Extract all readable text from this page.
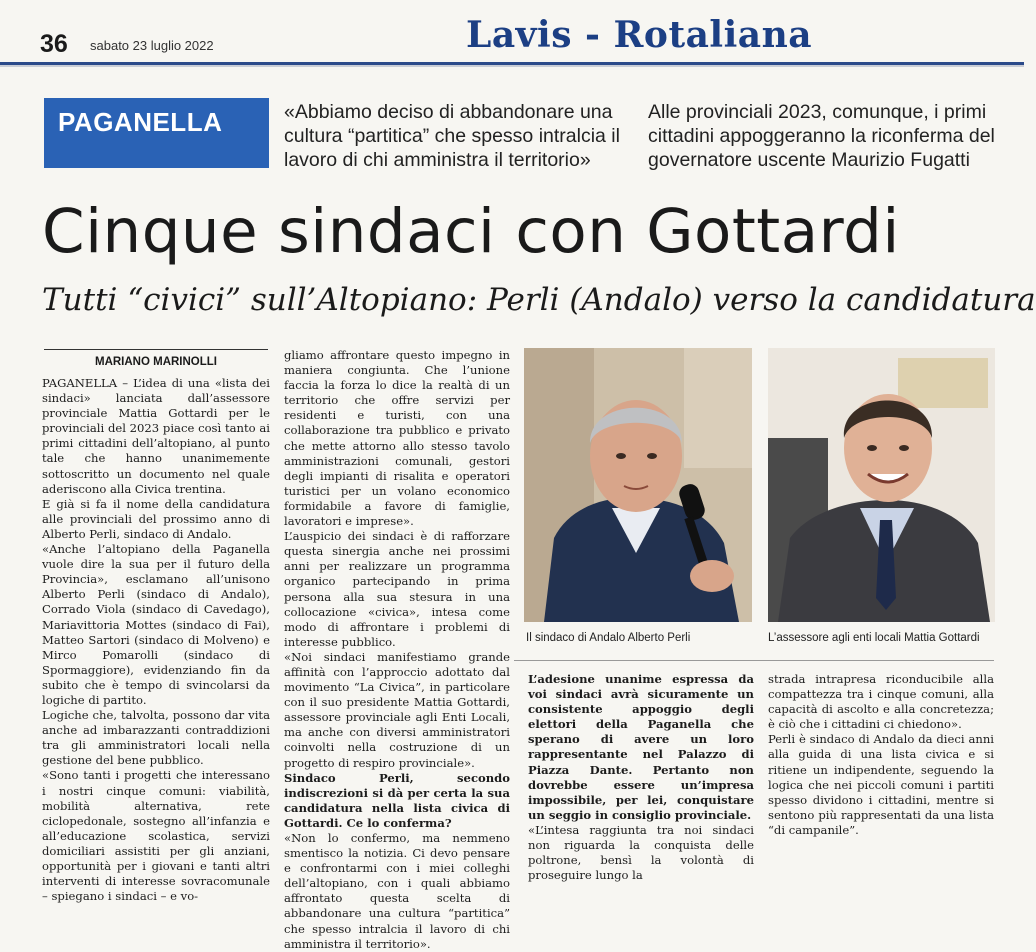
36 sabato 23 luglio 2022	Lavis - Rotaliana
PAGANELLA	«Abbiamo deciso di abbandonare una cultura “partitica” che spesso intralcia il lavoro di chi amministra il territorio»
Alle provinciali 2023, comunque, i primi cittadini appoggeranno la riconferma del governatore uscente Maurizio Fugatti
Cinque sindaci con Gottardi
Tutti “civici” sull’Altopiano: Perli (Andalo) verso la candidatura
MARIANO MARINOLLI

PAGANELLA – L’idea di una «lista dei sindaci» lanciata dall’assessore provinciale Mattia Gottardi per le provinciali del 2023 piace così tanto ai primi cittadini dell’altopiano, al punto tale che hanno unanimemente sottoscritto un documento nel quale aderiscono alla Civica trentina.

E già si fa il nome della candidatura alle provinciali del prossimo anno di Alberto Perli, sindaco di Andalo.

«Anche l’altopiano della Paganella vuole dire la sua per il futuro della Provincia», esclamano all’unisono Alberto Perli (sindaco di Andalo), Corrado Viola (sindaco di Cavedago), Mariavittoria Mottes (sindaco di Fai), Matteo Sartori (sindaco di Molveno) e Mirco Pomarolli (sindaco di Spormaggiore), evidenziando fin da subito che è tempo di svincolarsi da logiche di partito.

Logiche che, talvolta, possono dar vita anche ad imbarazzanti contraddizioni tra gli amministratori locali nella gestione del bene pubblico.

«Sono tanti i progetti che interessano i nostri cinque comuni: viabilità, mobilità alternativa, rete ciclopedonale, sostegno all’infanzia e all’educazione scolastica, servizi domiciliari assistiti per gli anziani, opportunità per i giovani e tanti altri interventi di interesse sovracomunale – spiegano i sindaci – e vo-

gliamo affrontare questo impegno in maniera congiunta. Che l’unione faccia la forza lo dice la realtà di un territorio che offre servizi per residenti e turisti, con una collaborazione tra pubblico e privato che mette attorno allo stesso tavolo amministrazioni comunali, gestori degli impianti di risalita e operatori turistici per un volano economico formidabile a favore di famiglie, lavoratori e imprese».

L’auspicio dei sindaci è di rafforzare questa sinergia anche nei prossimi anni per realizzare un programma organico partecipando in prima persona alla sua stesura in una collocazione «civica», intesa come modo di affrontare i problemi di interesse pubblico.

«Noi sindaci manifestiamo grande affinità con l’approccio adottato dal movimento “La Civica”, in particolare con il suo presidente Mattia Gottardi, assessore provinciale agli Enti Locali, ma anche con diversi amministratori coinvolti nella costruzione di un progetto di respiro provinciale».

Sindaco Perli, secondo indiscrezioni si dà per certa la sua candidatura nella lista civica di Gottardi. Ce lo conferma?

«Non lo confermo, ma nemmeno smentisco la notizia. Ci devo pensare e confrontarmi con i miei colleghi dell’altopiano, con i quali abbiamo affrontato questa scelta di abbandonare una cultura “partitica” che spesso intralcia il lavoro di chi amministra il territorio».

Il sindaco di Andalo Alberto Perli	L’assessore agli enti locali Mattia Gottardi

L’adesione unanime espressa da voi sindaci avrà sicuramente un consistente appoggio degli elettori della Paganella che sperano di avere un loro rappresentante nel Palazzo di Piazza Dante. Pertanto non dovrebbe essere un’impresa impossibile, per lei, conquistare un seggio in consiglio provinciale.

«L’intesa raggiunta tra noi sindaci non riguarda la conquista delle poltrone, bensì la volontà di proseguire lungo la

strada intrapresa riconducibile alla compattezza tra i cinque comuni, alla capacità di ascolto e alla concretezza; è ciò che i cittadini ci chiedono».

Perli è sindaco di Andalo da dieci anni alla guida di una lista civica e si ritiene un indipendente, seguendo la logica che nei piccoli comuni i partiti spesso dividono i cittadini, mentre si sentono più rappresentati da una lista “di campanile”.
